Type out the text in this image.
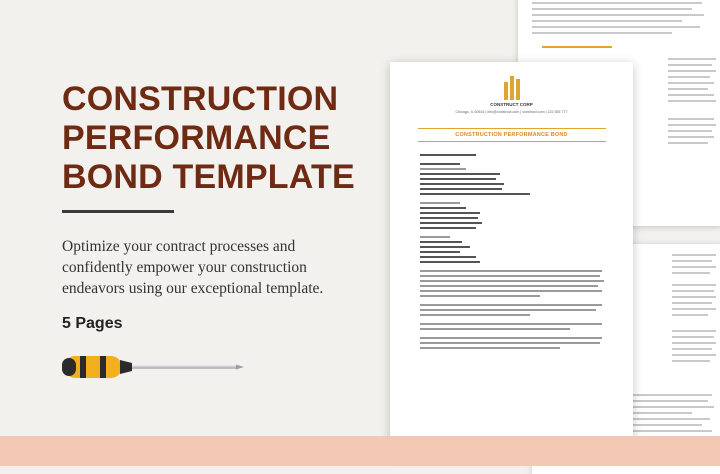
CONSTRUCTION
PERFORMANCE
BOND TEMPLATE
Optimize your contract processes and confidently empower your construction endeavors using our exceptional template.
5 Pages
CONSTRUCT CORP
Chicago, IL 60616 | info@construct.com | construct.com | 222 555 777
CONSTRUCTION PERFORMANCE BOND
